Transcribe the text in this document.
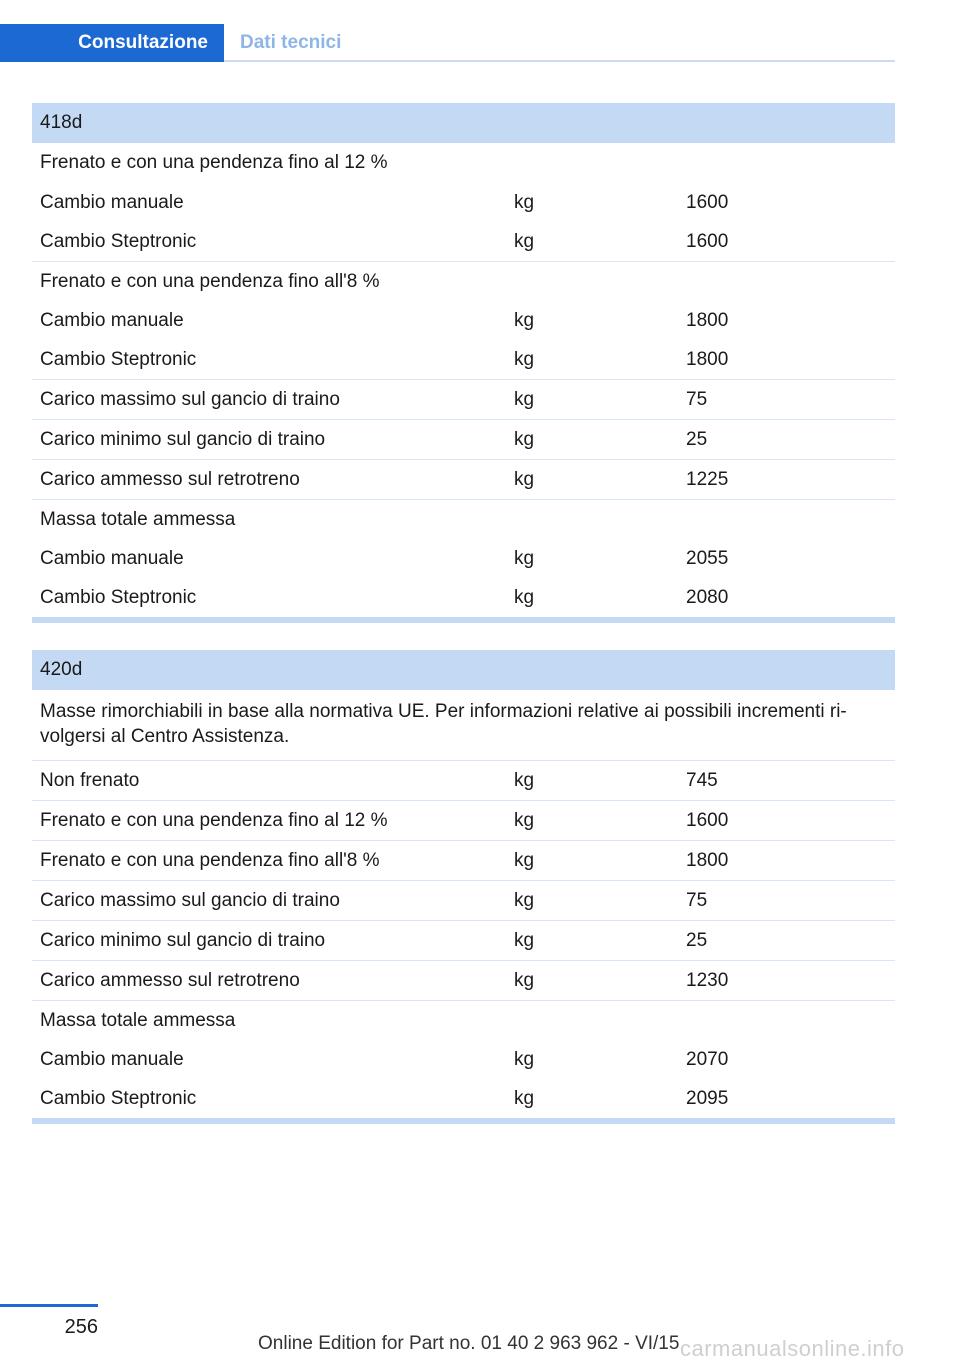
Consultazione	Dati tecnici
418d
Frenato e con una pendenza fino al 12 %
Cambio manuale	kg	1600
Cambio Steptronic	kg	1600
Frenato e con una pendenza fino all'8 %
Cambio manuale	kg	1800
Cambio Steptronic	kg	1800
Carico massimo sul gancio di traino	kg	75
Carico minimo sul gancio di traino	kg	25
Carico ammesso sul retrotreno	kg	1225
Massa totale ammessa
Cambio manuale	kg	2055
Cambio Steptronic	kg	2080
420d
Masse rimorchiabili in base alla normativa UE. Per informazioni relative ai possibili incrementi ri- volgersi al Centro Assistenza.
Non frenato	kg	745
Frenato e con una pendenza fino al 12 %	kg	1600
Frenato e con una pendenza fino all'8 %	kg	1800
Carico massimo sul gancio di traino	kg	75
Carico minimo sul gancio di traino	kg	25
Carico ammesso sul retrotreno	kg	1230
Massa totale ammessa
Cambio manuale	kg	2070
Cambio Steptronic	kg	2095
256
Online Edition for Part no. 01 40 2 963 962 - VI/15 carmanualsonline.info
